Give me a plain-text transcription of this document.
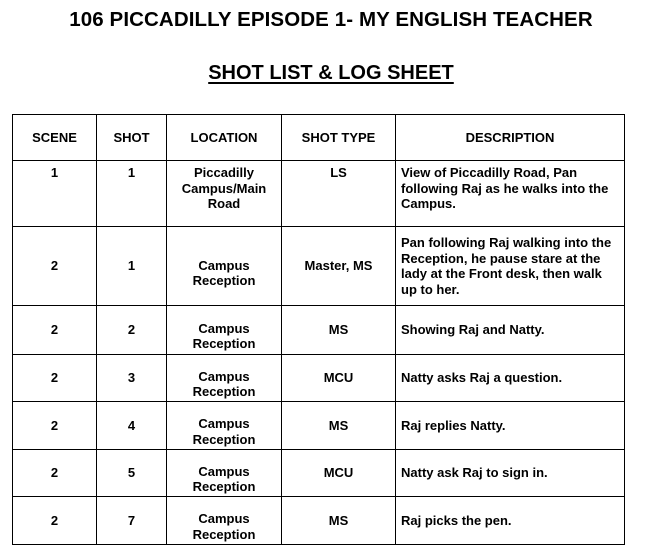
106 PICCADILLY EPISODE 1- MY ENGLISH TEACHER
SHOT LIST & LOG SHEET
SCENE	SHOT	LOCATION	SHOT TYPE	DESCRIPTION
1	1	Piccadilly Campus/Main Road	LS	View of Piccadilly Road, Pan following Raj as he walks into the Campus.
2	1	Campus Reception	Master, MS	Pan following Raj walking into the Reception, he pause stare at the lady at the Front desk, then walk up to her.
2	2	Campus Reception	MS	Showing Raj and Natty.
2	3	Campus Reception	MCU	Natty asks Raj a question.
2	4	Campus Reception	MS	Raj replies Natty.
2	5	Campus Reception	MCU	Natty ask Raj to sign in.
2	7	Campus Reception	MS	Raj picks the pen.
